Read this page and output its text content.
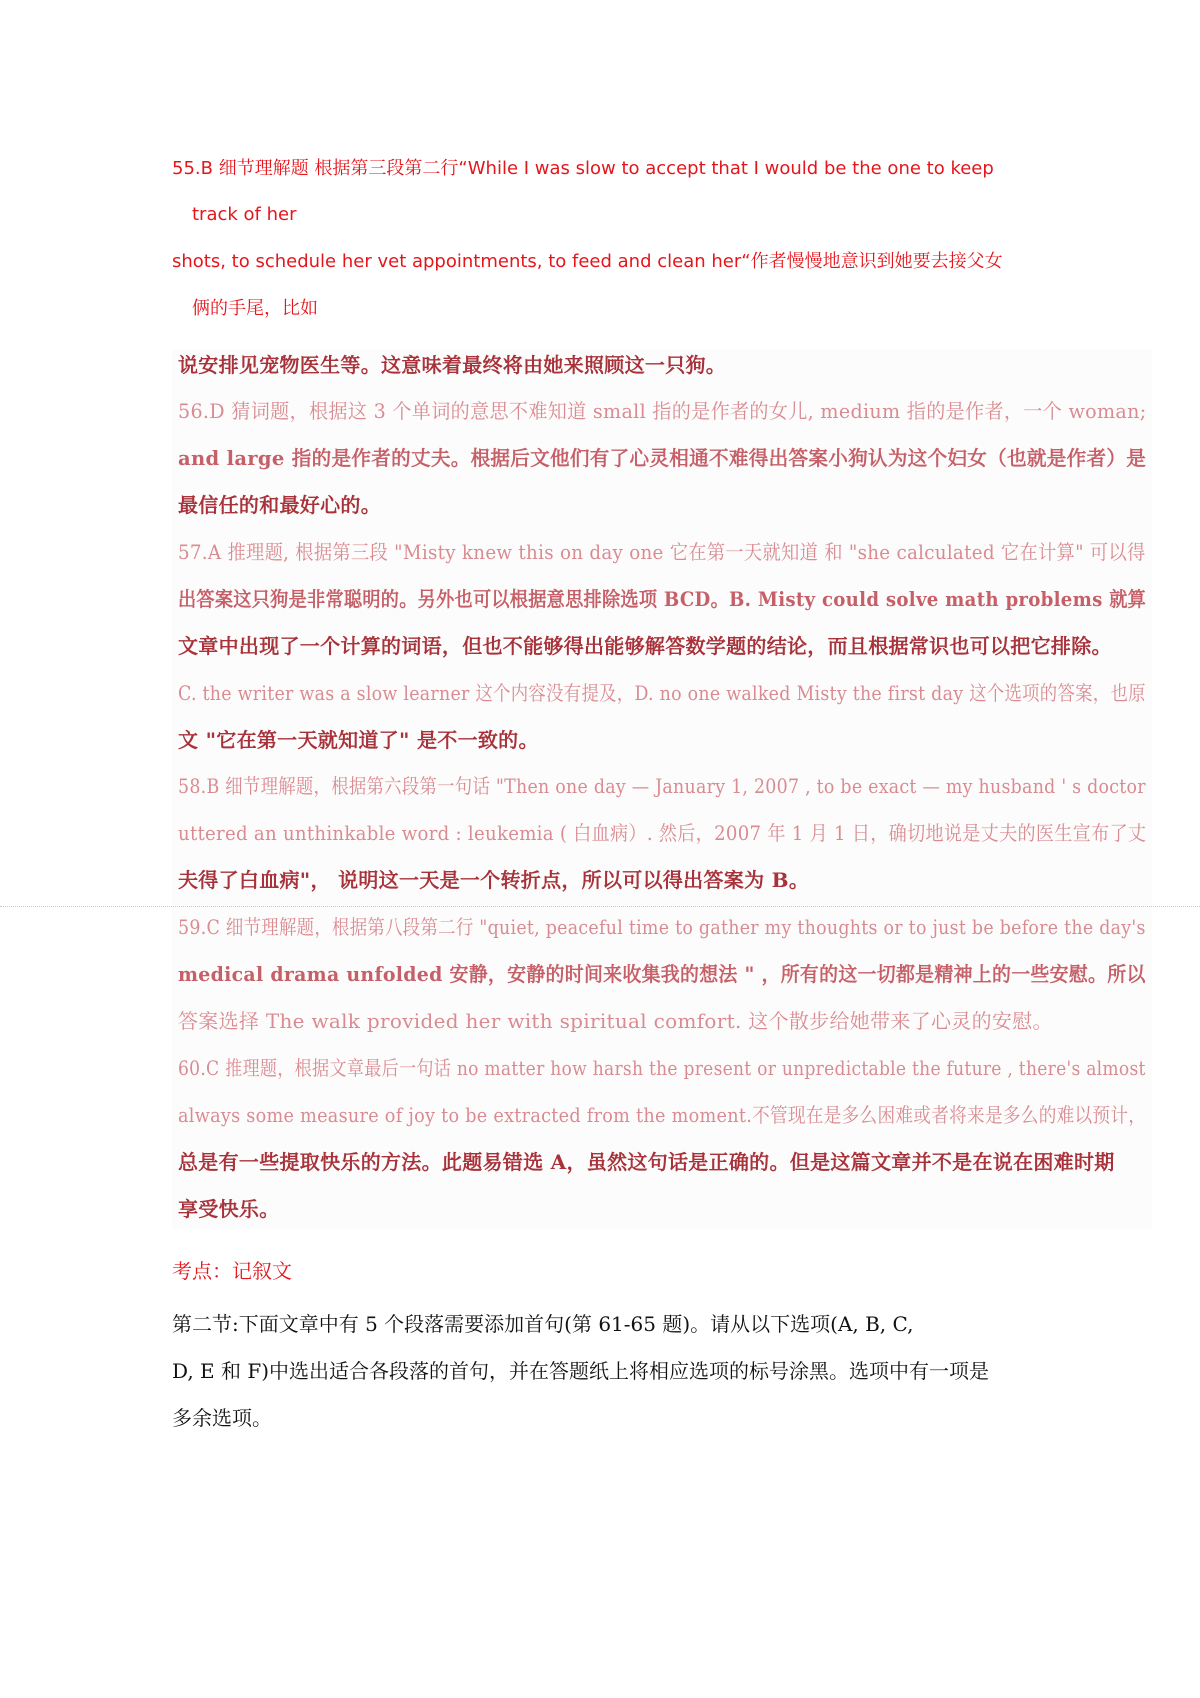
55.B 细节理解题 根据第三段第二行“While I was slow to accept that I would be the one to keep
track of her
shots, to schedule her vet appointments, to feed and clean her“作者慢慢地意识到她要去接父女
俩的手尾，比如
说安排见宠物医生等。这意味着最终将由她来照顾这一只狗。
56.D 猜词题，根据这 3 个单词的意思不难知道 small 指的是作者的女儿, medium 指的是作者，一个 woman;
and large 指的是作者的丈夫。根据后文他们有了心灵相通不难得出答案小狗认为这个妇女（也就是作者）是
最信任的和最好心的。
57.A 推理题, 根据第三段 "Misty knew this on day one 它在第一天就知道 和 "she calculated 它在计算" 可以得
出答案这只狗是非常聪明的。另外也可以根据意思排除选项 BCD。B. Misty could solve math problems 就算
文章中出现了一个计算的词语，但也不能够得出能够解答数学题的结论，而且根据常识也可以把它排除。
C. the writer was a slow learner 这个内容没有提及，D. no one walked Misty the first day 这个选项的答案，也原
文 "它在第一天就知道了" 是不一致的。
58.B 细节理解题，根据第六段第一句话 "Then one day — January 1, 2007 , to be exact — my husband ' s doctor
uttered an unthinkable word : leukemia ( 白血病）. 然后，2007 年 1 月 1 日，确切地说是丈夫的医生宣布了丈
夫得了白血病"， 说明这一天是一个转折点，所以可以得出答案为 B。
59.C 细节理解题，根据第八段第二行 "quiet, peaceful time to gather my thoughts or to just be before the day's
medical drama unfolded 安静，安静的时间来收集我的想法 " ，所有的这一切都是精神上的一些安慰。所以
答案选择 The walk provided her with spiritual comfort. 这个散步给她带来了心灵的安慰。
60.C 推理题，根据文章最后一句话 no matter how harsh the present or unpredictable the future , there's almost
always some measure of joy to be extracted from the moment.不管现在是多么困难或者将来是多么的难以预计，
总是有一些提取快乐的方法。此题易错选 A，虽然这句话是正确的。但是这篇文章并不是在说在困难时期
享受快乐。
考点：记叙文
第二节:下面文章中有 5 个段落需要添加首句(第 61-65 题)。请从以下选项(A, B, C,
D, E 和 F)中选出适合各段落的首句，并在答题纸上将相应选项的标号涂黑。选项中有一项是
多余选项。
